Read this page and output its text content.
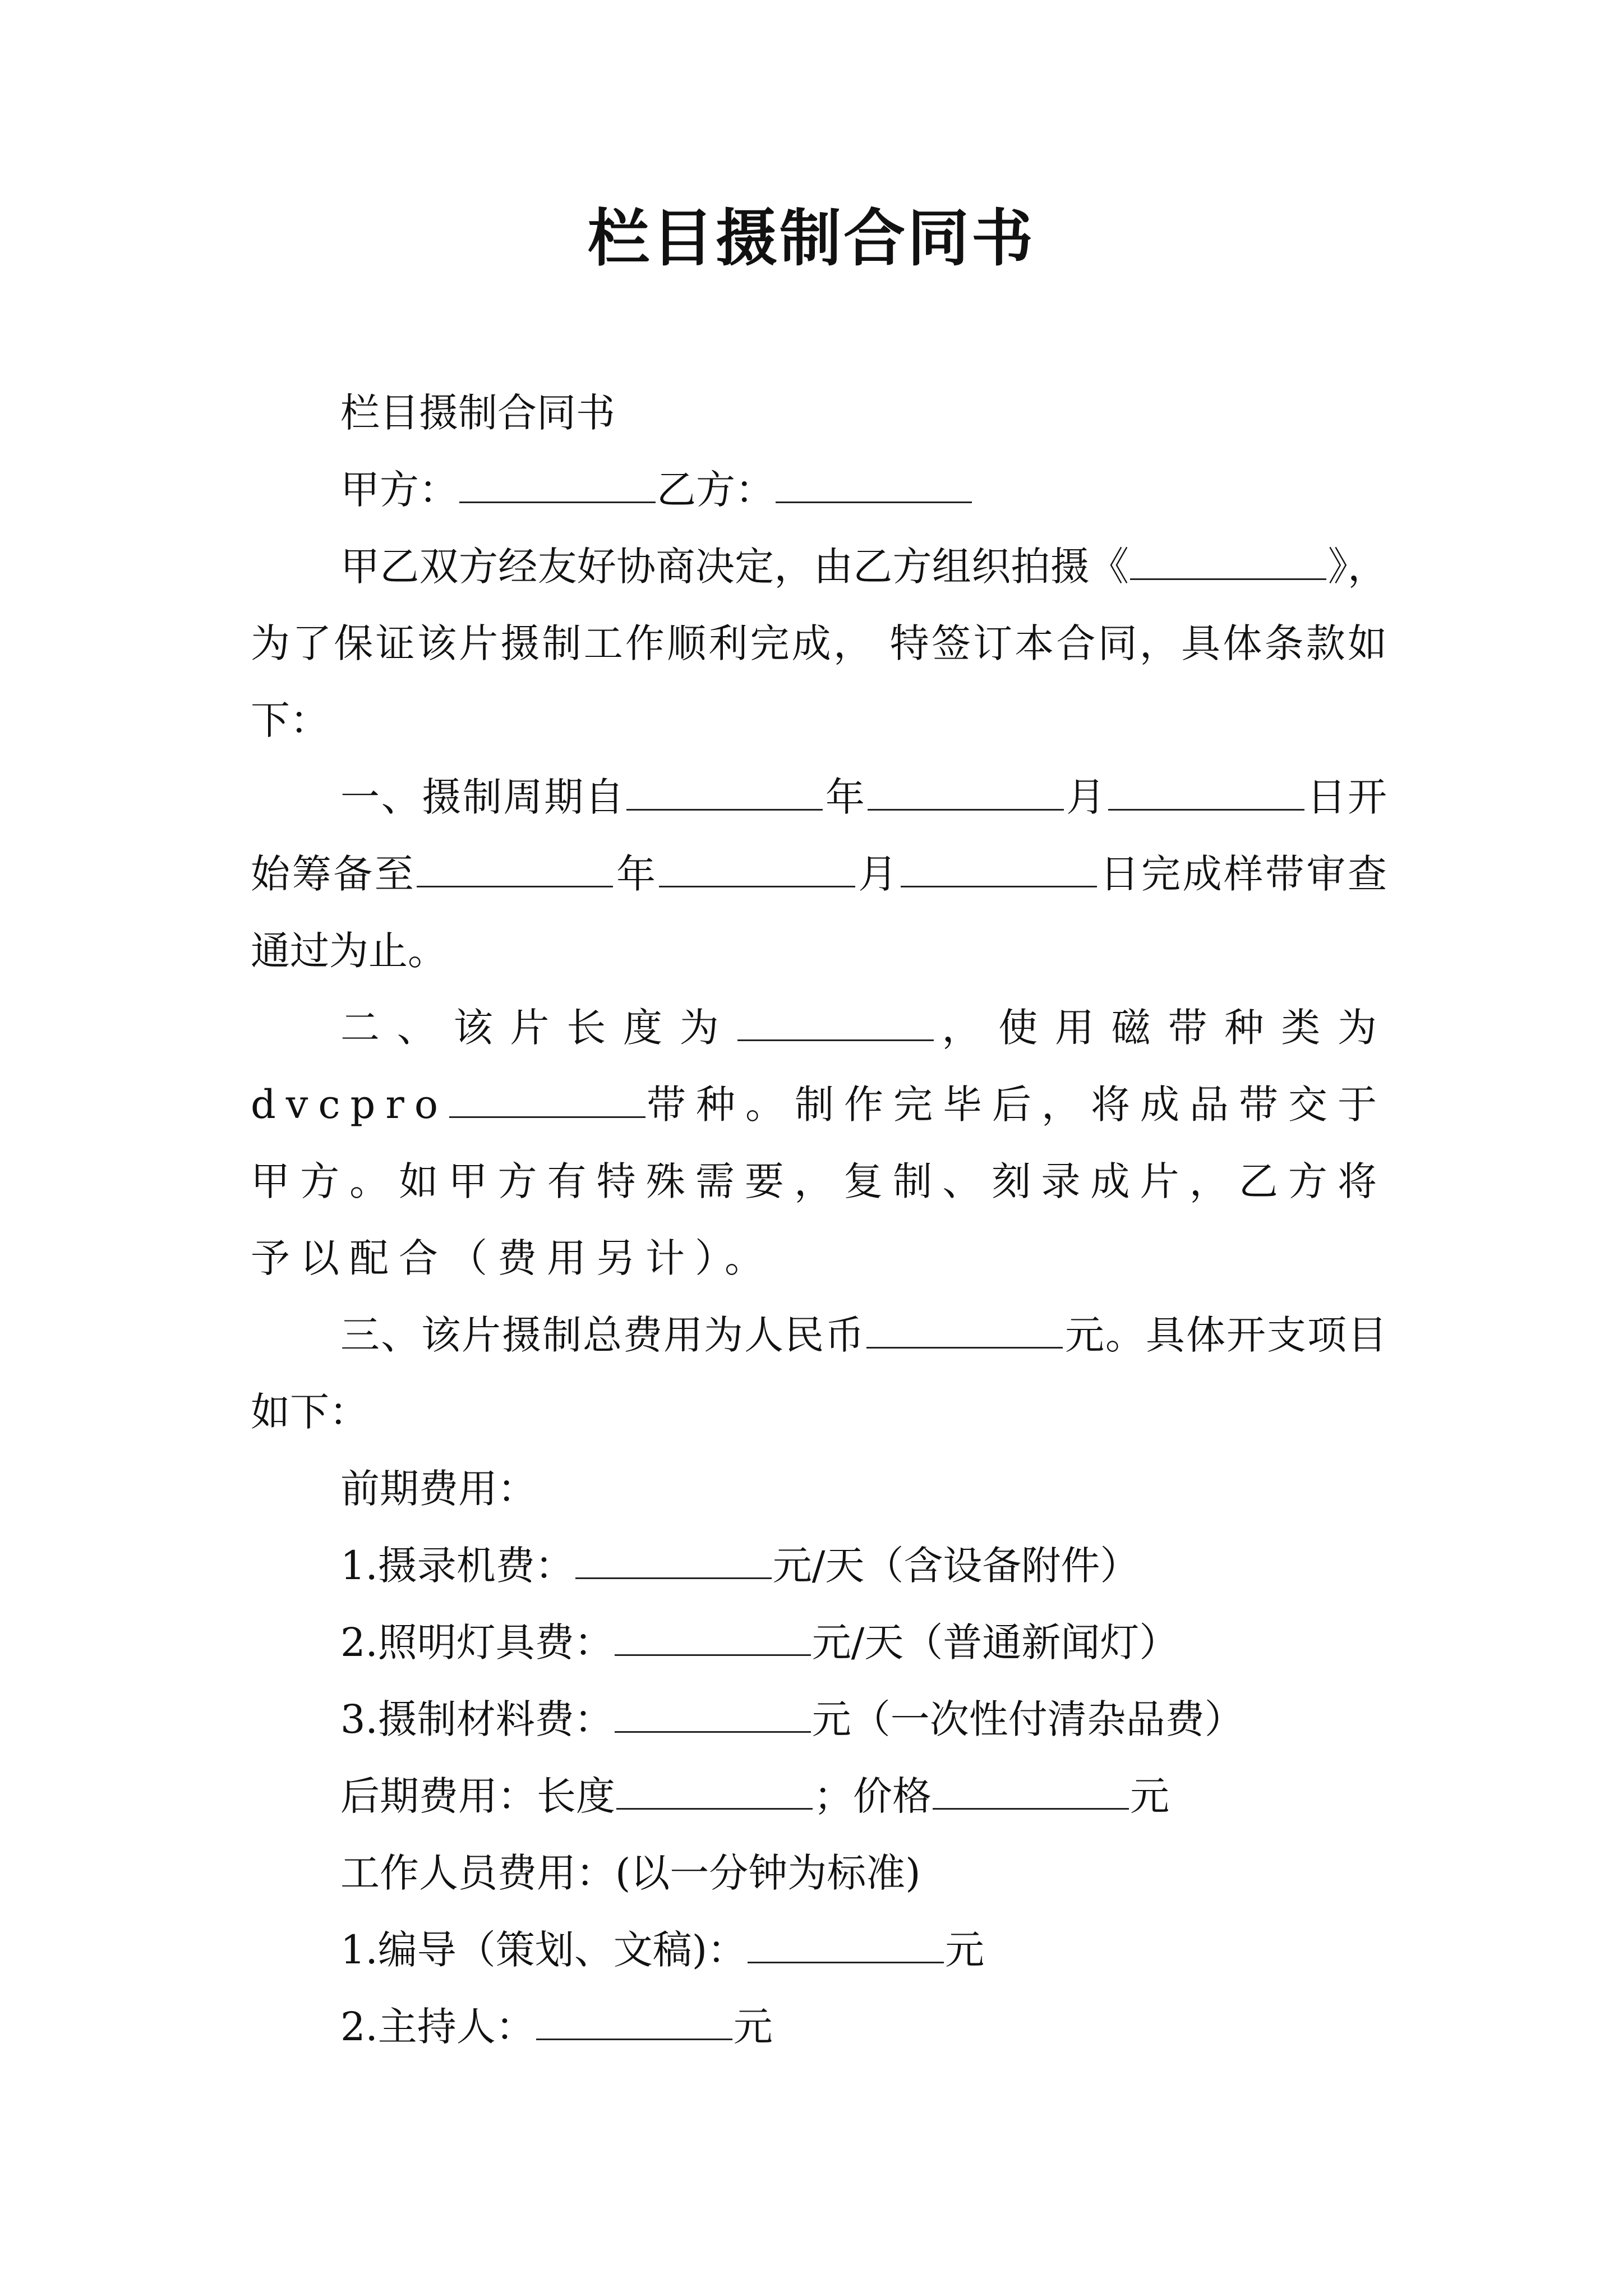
栏目摄制合同书

栏目摄制合同书

甲方：	乙方：

甲乙双方经友好协商决定，由乙方组织拍摄《	》，为了保证该片摄制工作顺利完成， 特签订本合同，具体条款如下：

一、摄制周期自	年	月	日开始筹备至	年	月	日完成样带审查通过为止。

二、该片长度为	，使用磁带种类为dvcpro	带种。制作完毕后，将成品带交于甲方。如甲方有特殊需要，复制、刻录成片，乙方将予以配合（费用另计）。

三、该片摄制总费用为人民币	元。具体开支项目如下：

前期费用：

1.摄录机费：	元/天（含设备附件）

2.照明灯具费：	元/天（普通新闻灯）

3.摄制材料费：	元（一次性付清杂品费）

后期费用：长度	；价格	元

工作人员费用：(以一分钟为标准)

1.编导（策划、文稿)：	元

2.主持人：	元
